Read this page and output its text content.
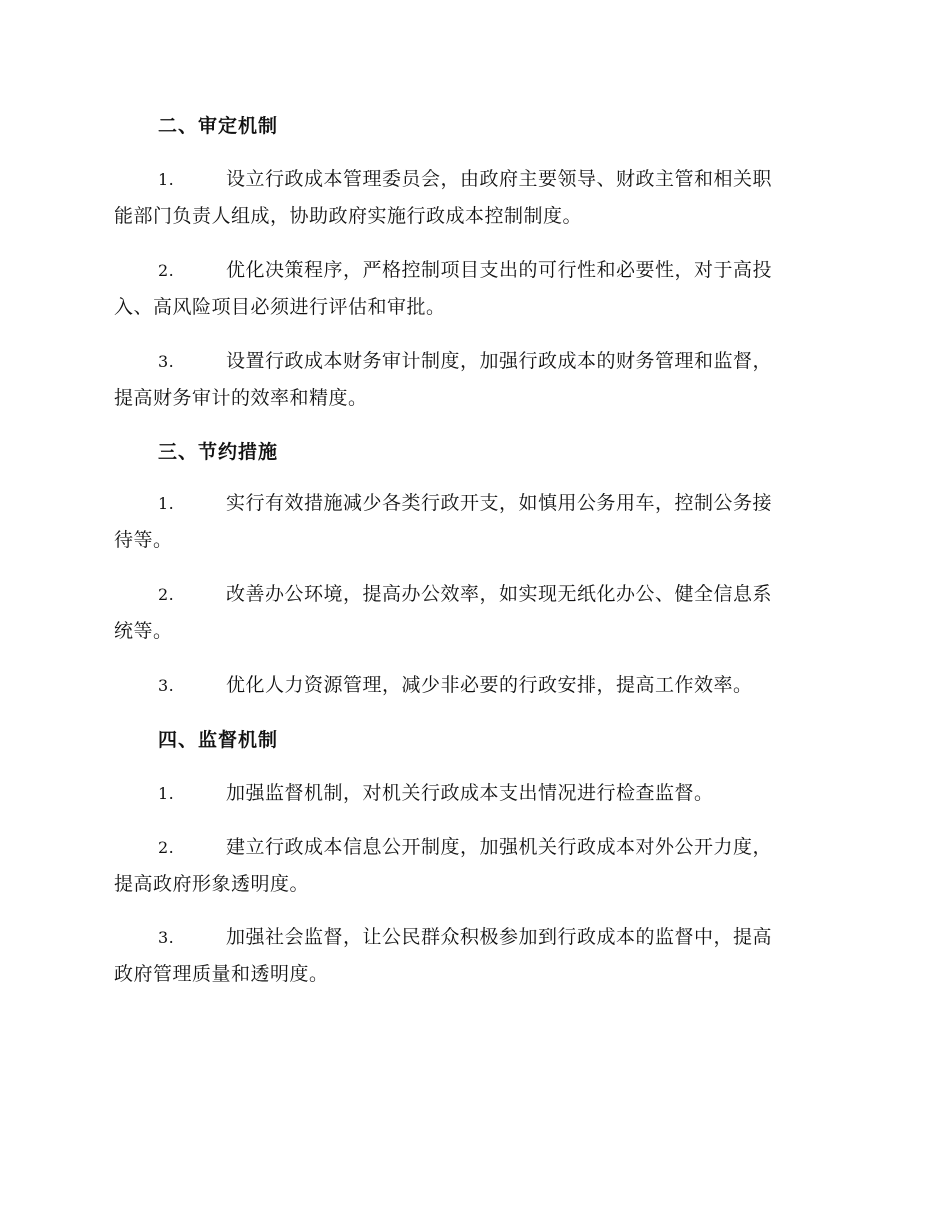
二、审定机制
1.	设立行政成本管理委员会，由政府主要领导、财政主管和相关职
能部门负责人组成，协助政府实施行政成本控制制度。
2.	优化决策程序，严格控制项目支出的可行性和必要性，对于高投
入、高风险项目必须进行评估和审批。
3.	设置行政成本财务审计制度，加强行政成本的财务管理和监督，
提高财务审计的效率和精度。
三、节约措施
1.	实行有效措施减少各类行政开支，如慎用公务用车，控制公务接
待等。
2.	改善办公环境，提高办公效率，如实现无纸化办公、健全信息系
统等。
3.	优化人力资源管理，减少非必要的行政安排，提高工作效率。
四、监督机制
1.	加强监督机制，对机关行政成本支出情况进行检查监督。
2.	建立行政成本信息公开制度，加强机关行政成本对外公开力度，
提高政府形象透明度。
3.	加强社会监督，让公民群众积极参加到行政成本的监督中，提高
政府管理质量和透明度。
